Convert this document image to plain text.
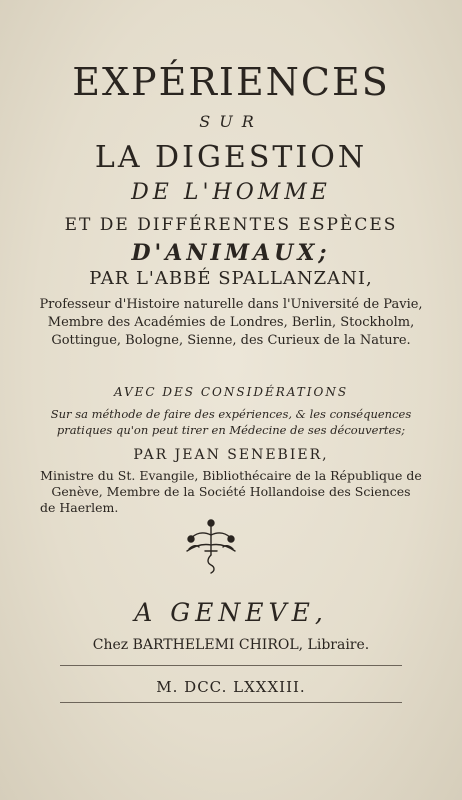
EXPÉRIENCES
SUR
LA DIGESTION
DE L'HOMME
ET DE DIFFÉRENTES ESPÈCES
D'ANIMAUX;
PAR L'ABBÉ SPALLANZANI,
Professeur d'Histoire naturelle dans l'Université de Pavie,
Membre des Académies de Londres, Berlin, Stockholm,
Gottingue, Bologne, Sienne, des Curieux de la Nature.
AVEC DES CONSIDÉRATIONS
Sur sa méthode de faire des expériences, & les conséquences
pratiques qu'on peut tirer en Médecine de ses découvertes;
PAR JEAN SENEBIER,
Ministre du St. Evangile, Bibliothécaire de la République de
Genève, Membre de la Société Hollandoise des Sciences
de Haerlem.
A GENEVE,
Chez BARTHELEMI CHIROL, Libraire.
M. DCC. LXXXIII.
